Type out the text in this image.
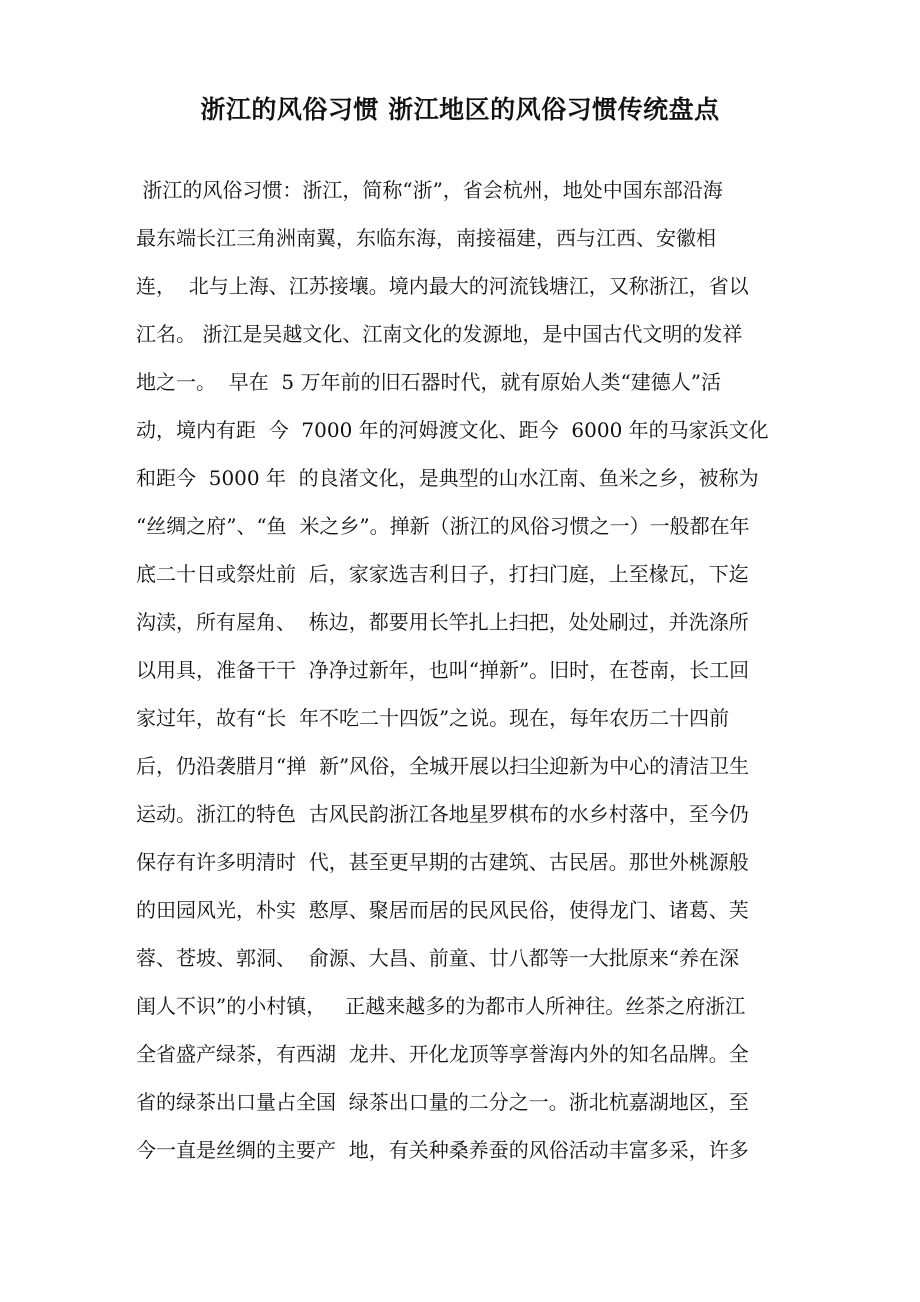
浙江的风俗习惯 浙江地区的风俗习惯传统盘点
浙江的风俗习惯：浙江，简称“浙”，省会杭州，地处中国东部沿海
最东端长江三角洲南翼，东临东海，南接福建，西与江西、安徽相
连，  北与上海、江苏接壤。境内最大的河流钱塘江，又称浙江，省以
江名。 浙江是吴越文化、江南文化的发源地，是中国古代文明的发祥
地之一。  早在  5 万年前的旧石器时代，就有原始人类“建德人”活
动，境内有距  今  7000 年的河姆渡文化、距今  6000 年的马家浜文化
和距今  5000 年  的良渚文化，是典型的山水江南、鱼米之乡，被称为
“丝绸之府”、“鱼  米之乡”。掸新（浙江的风俗习惯之一）一般都在年
底二十日或祭灶前  后，家家选吉利日子，打扫门庭，上至椽瓦，下迄
沟渎，所有屋角、  栋边，都要用长竿扎上扫把，处处刷过，并洗涤所
以用具，准备干干  净净过新年，也叫“掸新”。旧时，在苍南，长工回
家过年，故有“长  年不吃二十四饭”之说。现在，每年农历二十四前
后，仍沿袭腊月“掸  新”风俗，全城开展以扫尘迎新为中心的清洁卫生
运动。浙江的特色  古风民韵浙江各地星罗棋布的水乡村落中，至今仍
保存有许多明清时  代，甚至更早期的古建筑、古民居。那世外桃源般
的田园风光，朴实  憨厚、聚居而居的民风民俗，使得龙门、诸葛、芙
蓉、苍坡、郭洞、  俞源、大昌、前童、廿八都等一大批原来“养在深
闺人不识”的小村镇，   正越来越多的为都市人所神往。丝茶之府浙江
全省盛产绿茶，有西湖  龙井、开化龙顶等享誉海内外的知名品牌。全
省的绿茶出口量占全国  绿茶出口量的二分之一。浙北杭嘉湖地区，至
今一直是丝绸的主要产  地，有关种桑养蚕的风俗活动丰富多采，许多
